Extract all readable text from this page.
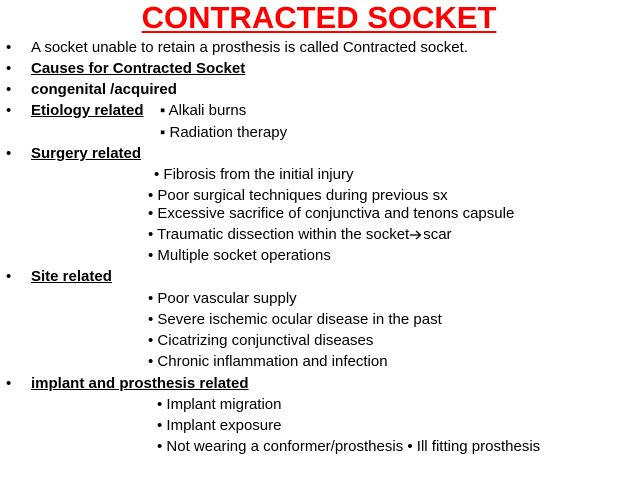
CONTRACTED SOCKET
• A socket unable to retain a prosthesis is called Contracted socket.
• Causes for Contracted Socket
• congenital /acquired
• Etiology related ▪ Alkali burns
▪ Radiation therapy
• Surgery related
• Fibrosis from the initial injury
• Poor surgical techniques during previous sx
• Excessive sacrifice of conjunctiva and tenons capsule
• Traumatic dissection within the socket scar
• Multiple socket operations
• Site related
• Poor vascular supply
• Severe ischemic ocular disease in the past
• Cicatrizing conjunctival diseases
• Chronic inflammation and infection
• implant and prosthesis related
• Implant migration
• Implant exposure
• Not wearing a conformer/prosthesis • Ill fitting prosthesis
